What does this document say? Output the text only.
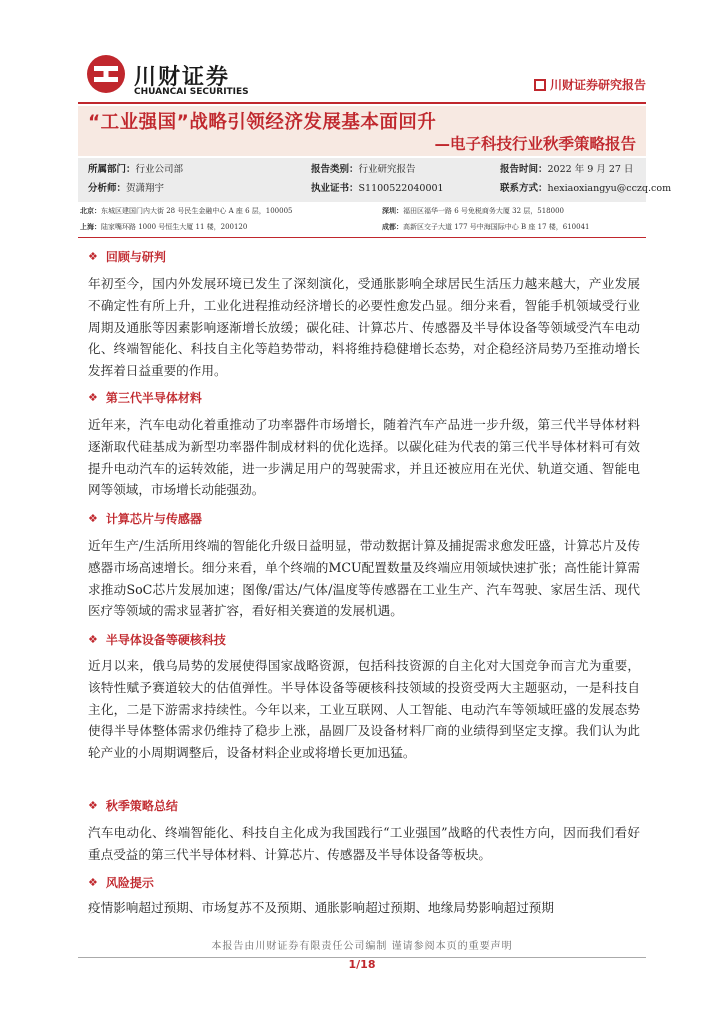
川财证券
CHUANCAI SECURITIES	川财证券研究报告
“工业强国”战略引领经济发展基本面回升
—电子科技行业秋季策略报告
所属部门：行业公司部	报告类别：行业研究报告	报告时间：2022 年 9 月 27 日
分析师：贺潇翔宇	执业证书：S1100522040001	联系方式：hexiaoxiangyu@cczq.com
北京：东城区建国门内大街 28 号民生金融中心 A 座 6 层，100005	深圳：福田区福华一路 6 号免税商务大厦 32 层，518000
上海：陆家嘴环路 1000 号恒生大厦 11 楼，200120	成都：高新区交子大道 177 号中海国际中心 B 座 17 楼，610041
❖ 回顾与研判
年初至今，国内外发展环境已发生了深刻演化，受通胀影响全球居民生活压力越来越大，产业发展不确定性有所上升，工业化进程推动经济增长的必要性愈发凸显。细分来看，智能手机领域受行业周期及通胀等因素影响逐渐增长放缓；碳化硅、计算芯片、传感器及半导体设备等领域受汽车电动化、终端智能化、科技自主化等趋势带动，料将维持稳健增长态势，对企稳经济局势乃至推动增长发挥着日益重要的作用。
❖ 第三代半导体材料
近年来，汽车电动化着重推动了功率器件市场增长，随着汽车产品进一步升级，第三代半导体材料逐渐取代硅基成为新型功率器件制成材料的优化选择。以碳化硅为代表的第三代半导体材料可有效提升电动汽车的运转效能，进一步满足用户的驾驶需求，并且还被应用在光伏、轨道交通、智能电网等领域，市场增长动能强劲。
❖ 计算芯片与传感器
近年生产/生活所用终端的智能化升级日益明显，带动数据计算及捕捉需求愈发旺盛，计算芯片及传感器市场高速增长。细分来看，单个终端的MCU配置数量及终端应用领域快速扩张；高性能计算需求推动SoC芯片发展加速；图像/雷达/气体/温度等传感器在工业生产、汽车驾驶、家居生活、现代医疗等领域的需求显著扩容，看好相关赛道的发展机遇。
❖ 半导体设备等硬核科技
近月以来，俄乌局势的发展使得国家战略资源，包括科技资源的自主化对大国竞争而言尤为重要，该特性赋予赛道较大的估值弹性。半导体设备等硬核科技领域的投资受两大主题驱动，一是科技自主化，二是下游需求持续性。今年以来，工业互联网、人工智能、电动汽车等领域旺盛的发展态势使得半导体整体需求仍维持了稳步上涨，晶圆厂及设备材料厂商的业绩得到坚定支撑。我们认为此轮产业的小周期调整后，设备材料企业或将增长更加迅猛。
❖ 秋季策略总结
汽车电动化、终端智能化、科技自主化成为我国践行“工业强国”战略的代表性方向，因而我们看好重点受益的第三代半导体材料、计算芯片、传感器及半导体设备等板块。
❖ 风险提示
疫情影响超过预期、市场复苏不及预期、通胀影响超过预期、地缘局势影响超过预期
本报告由川财证券有限责任公司编制 谨请参阅本页的重要声明
1/18
